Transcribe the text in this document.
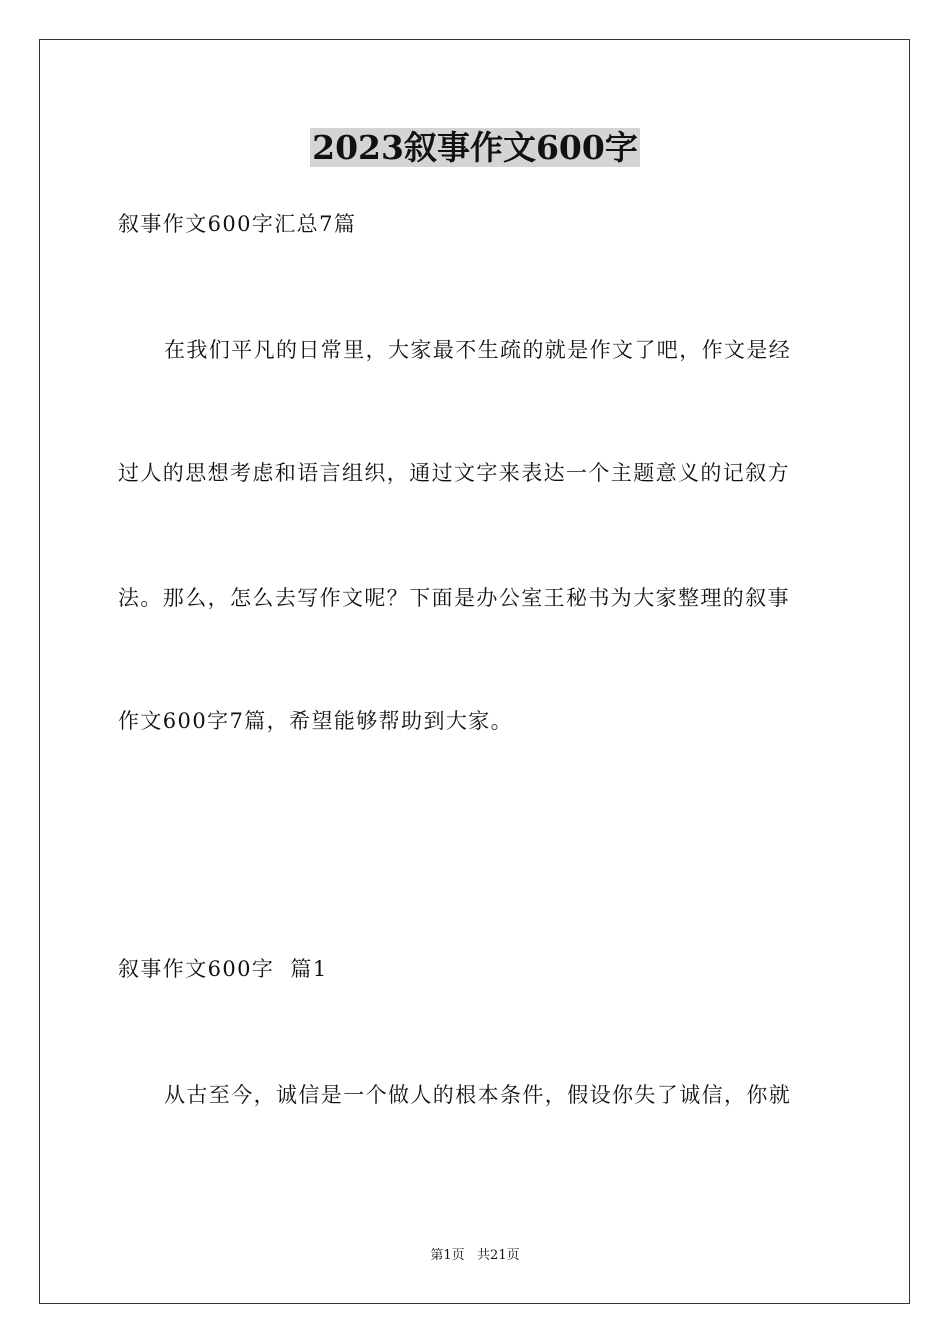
2023叙事作文600字
叙事作文600字汇总7篇
在我们平凡的日常里，大家最不生疏的就是作文了吧，作文是经
过人的思想考虑和语言组织，通过文字来表达一个主题意义的记叙方
法。那么，怎么去写作文呢？下面是办公室王秘书为大家整理的叙事
作文600字7篇，希望能够帮助到大家。
叙事作文600字  篇1
从古至今，诚信是一个做人的根本条件，假设你失了诚信，你就
第1页   共21页
